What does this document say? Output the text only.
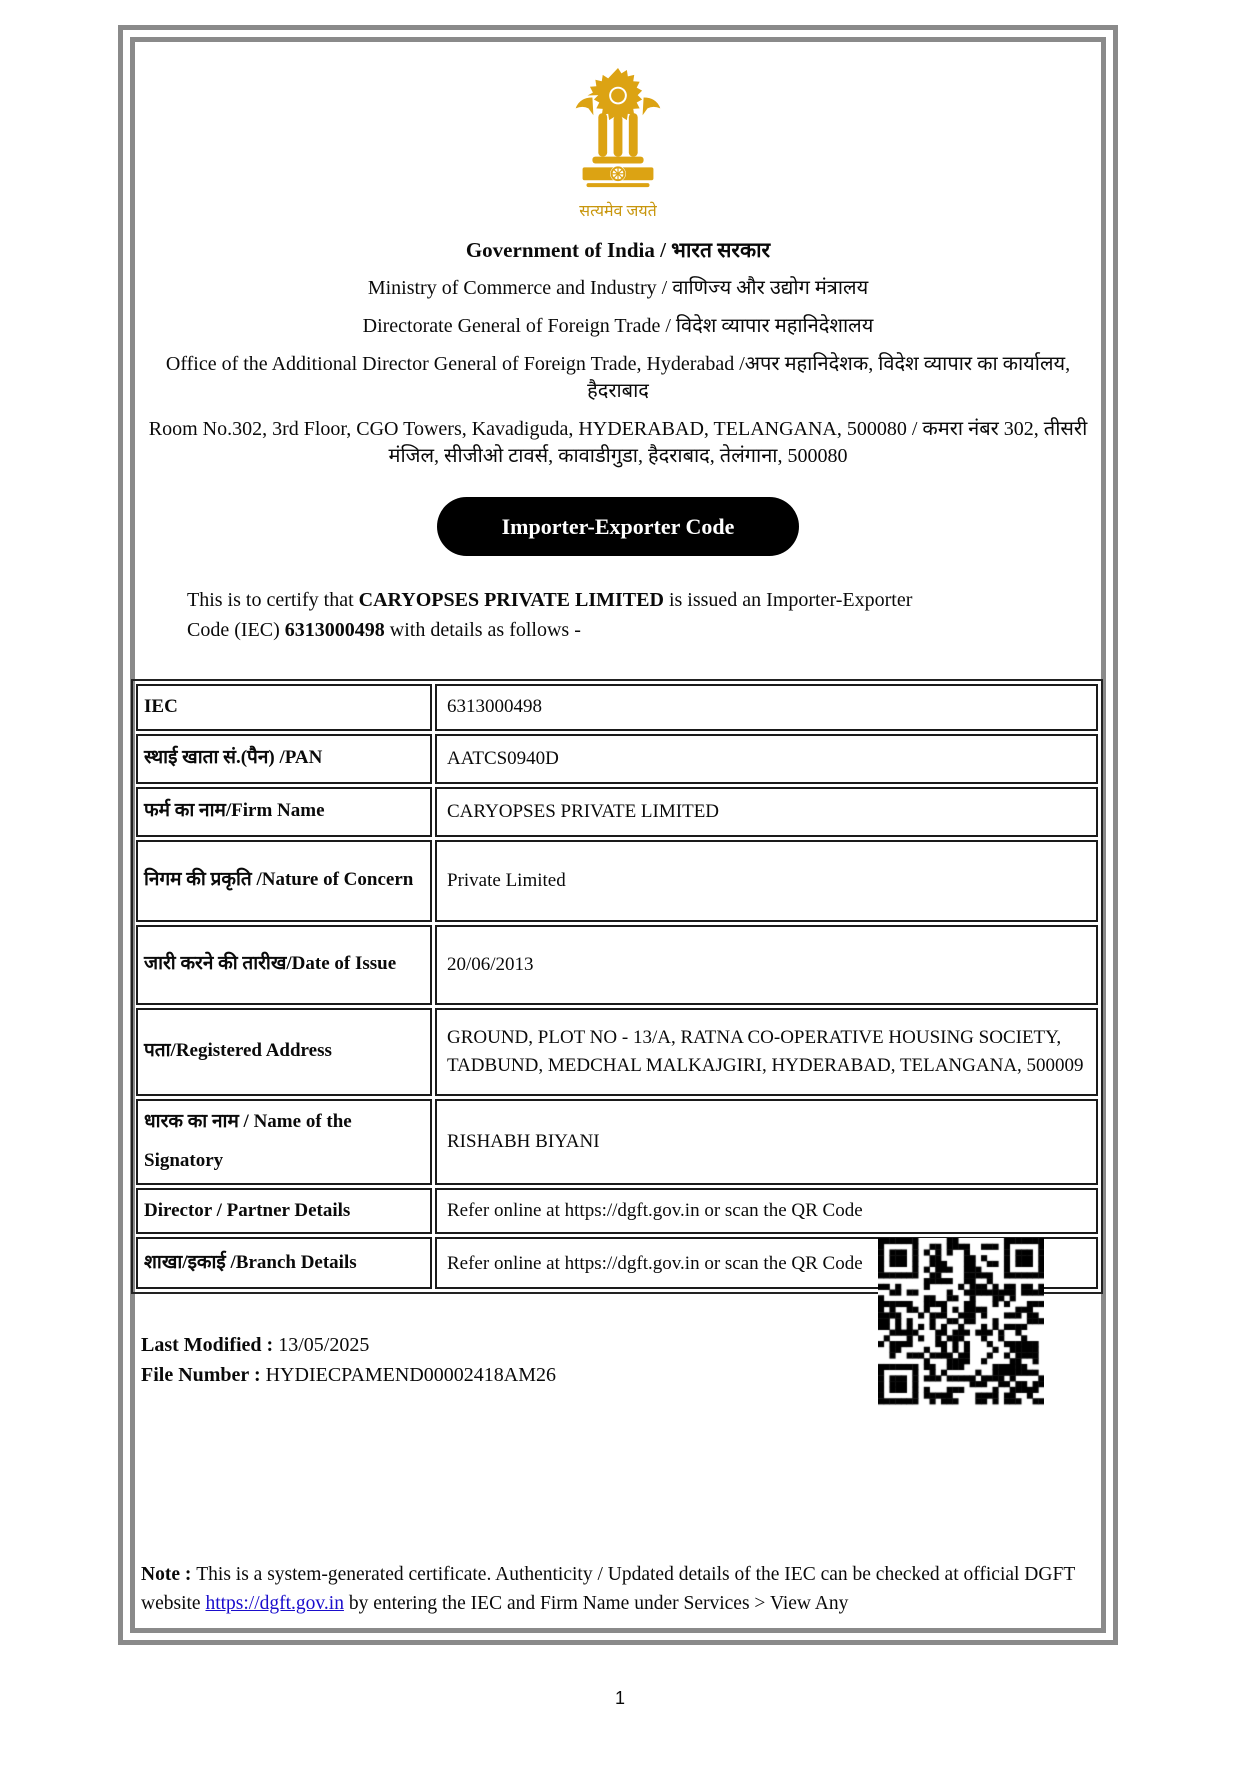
सत्यमेव जयते
Government of India / भारत सरकार
Ministry of Commerce and Industry / वाणिज्य और उद्योग मंत्रालय
Directorate General of Foreign Trade / विदेश व्यापार महानिदेशालय
Office of the Additional Director General of Foreign Trade, Hyderabad /अपर महानिदेशक, विदेश व्यापार का कार्यालय, हैदराबाद
Room No.302, 3rd Floor, CGO Towers, Kavadiguda, HYDERABAD, TELANGANA, 500080 / कमरा नंबर 302, तीसरी मंजिल, सीजीओ टावर्स, कावाडीगुडा, हैदराबाद, तेलंगाना, 500080
Importer-Exporter Code

This is to certify that CARYOPSES PRIVATE LIMITED is issued an Importer-Exporter Code (IEC) 6313000498 with details as follows -

IEC	6313000498
स्थाई खाता सं.(पैन) /PAN	AATCS0940D
फर्म का नाम/Firm Name	CARYOPSES PRIVATE LIMITED
निगम की प्रकृति /Nature of Concern	Private Limited
जारी करने की तारीख/Date of Issue	20/06/2013
पता/Registered Address	GROUND, PLOT NO - 13/A, RATNA CO-OPERATIVE HOUSING SOCIETY, TADBUND, MEDCHAL MALKAJGIRI, HYDERABAD, TELANGANA, 500009
धारक का नाम / Name of the Signatory	RISHABH BIYANI
Director / Partner Details	Refer online at https://dgft.gov.in or scan the QR Code
शाखा/इकाई /Branch Details	Refer online at https://dgft.gov.in or scan the QR Code
Last Modified : 13/05/2025
File Number : HYDIECPAMEND00002418AM26

Note : This is a system-generated certificate. Authenticity / Updated details of the IEC can be checked at official DGFT website https://dgft.gov.in by entering the IEC and Firm Name under Services > View Any

1
